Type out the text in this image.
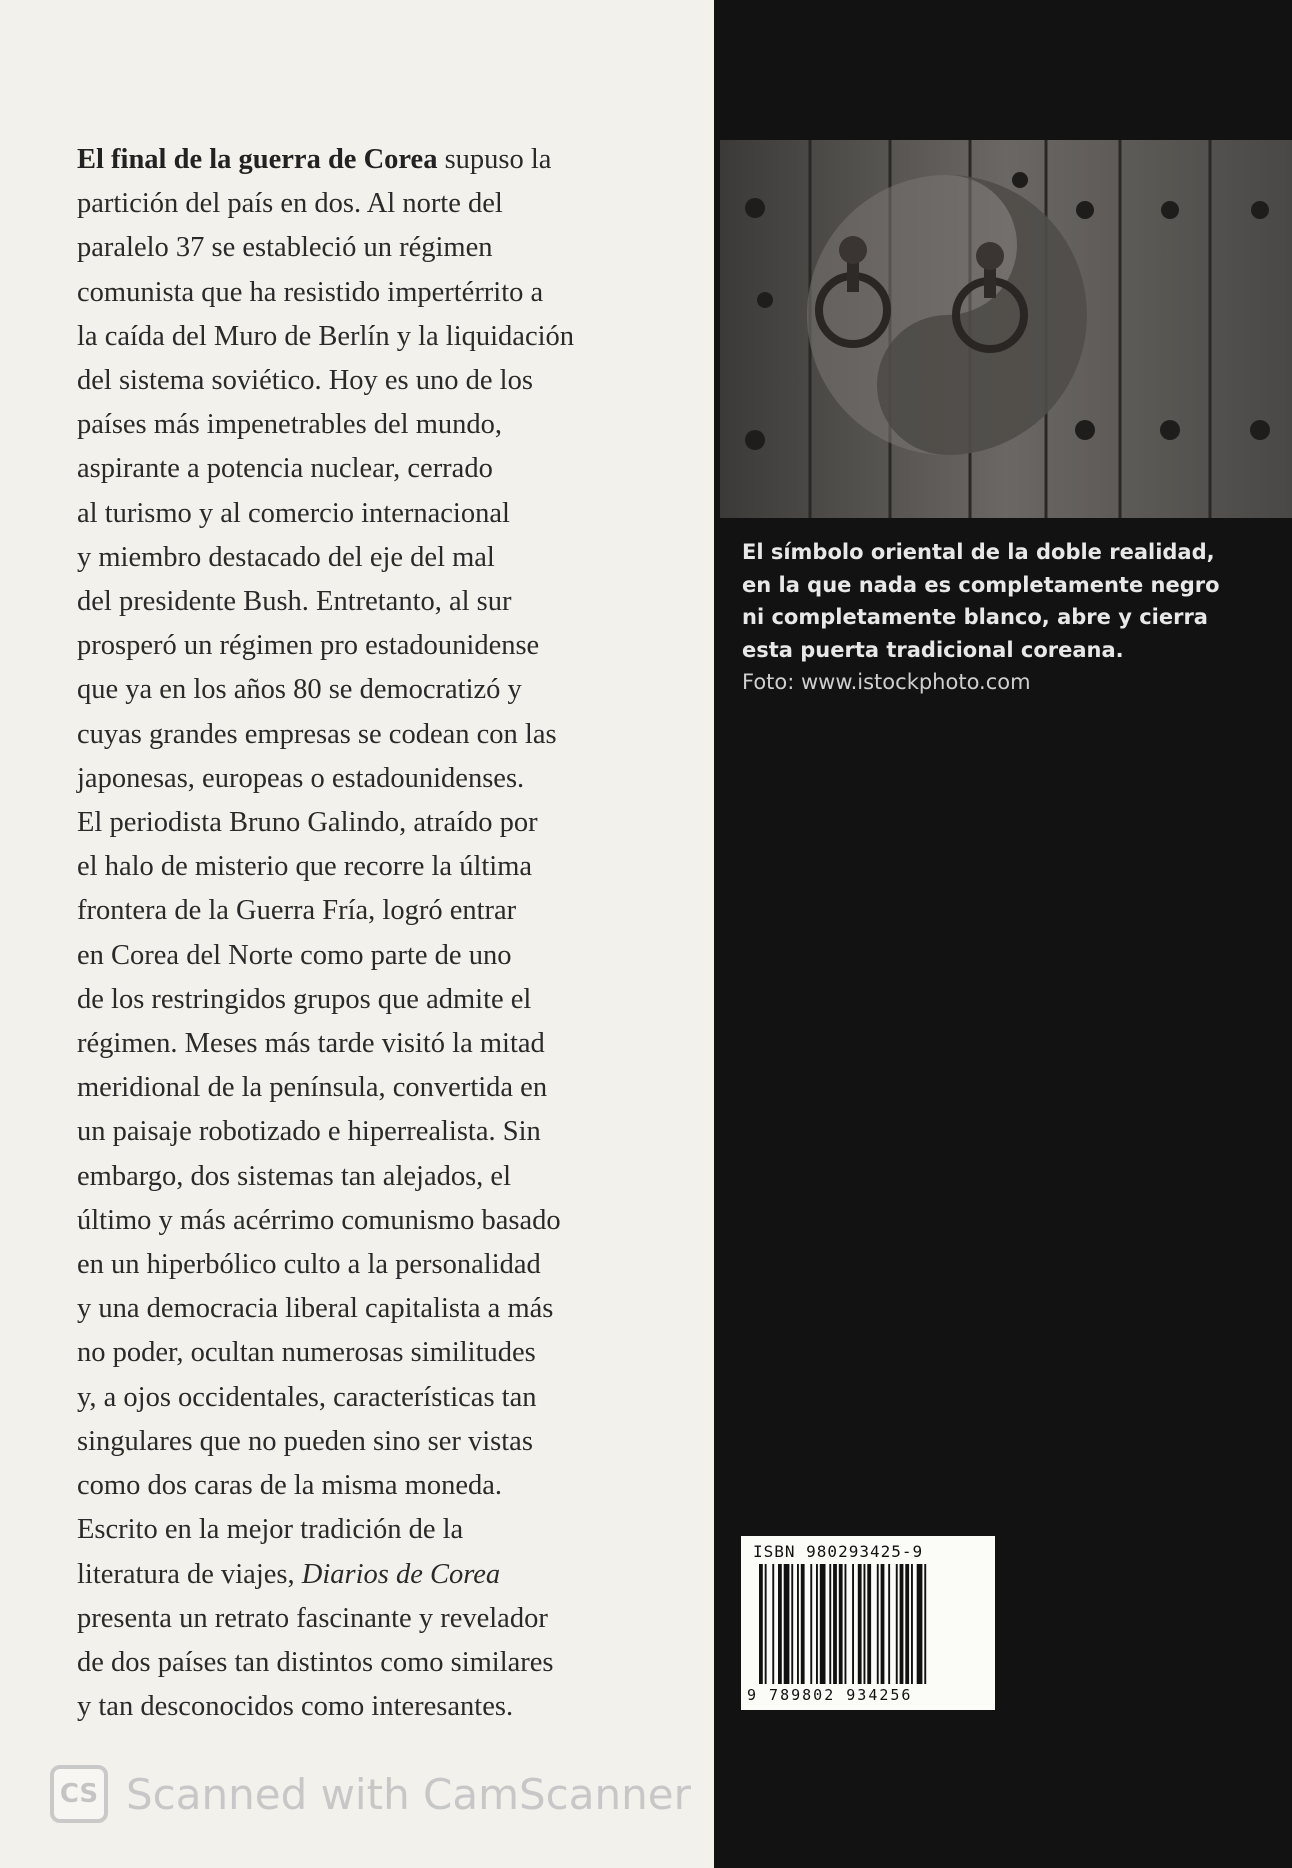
El final de la guerra de Corea supuso la
partición del país en dos. Al norte del
paralelo 37 se estableció un régimen
comunista que ha resistido impertérrito a
la caída del Muro de Berlín y la liquidación
del sistema soviético. Hoy es uno de los
países más impenetrables del mundo,
aspirante a potencia nuclear, cerrado
al turismo y al comercio internacional
y miembro destacado del eje del mal
del presidente Bush. Entretanto, al sur
prosperó un régimen pro estadounidense
que ya en los años 80 se democratizó y
cuyas grandes empresas se codean con las
japonesas, europeas o estadounidenses.
El periodista Bruno Galindo, atraído por
el halo de misterio que recorre la última
frontera de la Guerra Fría, logró entrar
en Corea del Norte como parte de uno
de los restringidos grupos que admite el
régimen. Meses más tarde visitó la mitad
meridional de la península, convertida en
un paisaje robotizado e hiperrealista. Sin
embargo, dos sistemas tan alejados, el
último y más acérrimo comunismo basado
en un hiperbólico culto a la personalidad
y una democracia liberal capitalista a más
no poder, ocultan numerosas similitudes
y, a ojos occidentales, características tan
singulares que no pueden sino ser vistas
como dos caras de la misma moneda.
Escrito en la mejor tradición de la
literatura de viajes, Diarios de Corea
presenta un retrato fascinante y revelador
de dos países tan distintos como similares
y tan desconocidos como interesantes.
El símbolo oriental de la doble realidad,
en la que nada es completamente negro
ni completamente blanco, abre y cierra
esta puerta tradicional coreana.
Foto: www.istockphoto.com
ISBN 980293425-9
9 789802 934256
CS Scanned with CamScanner
